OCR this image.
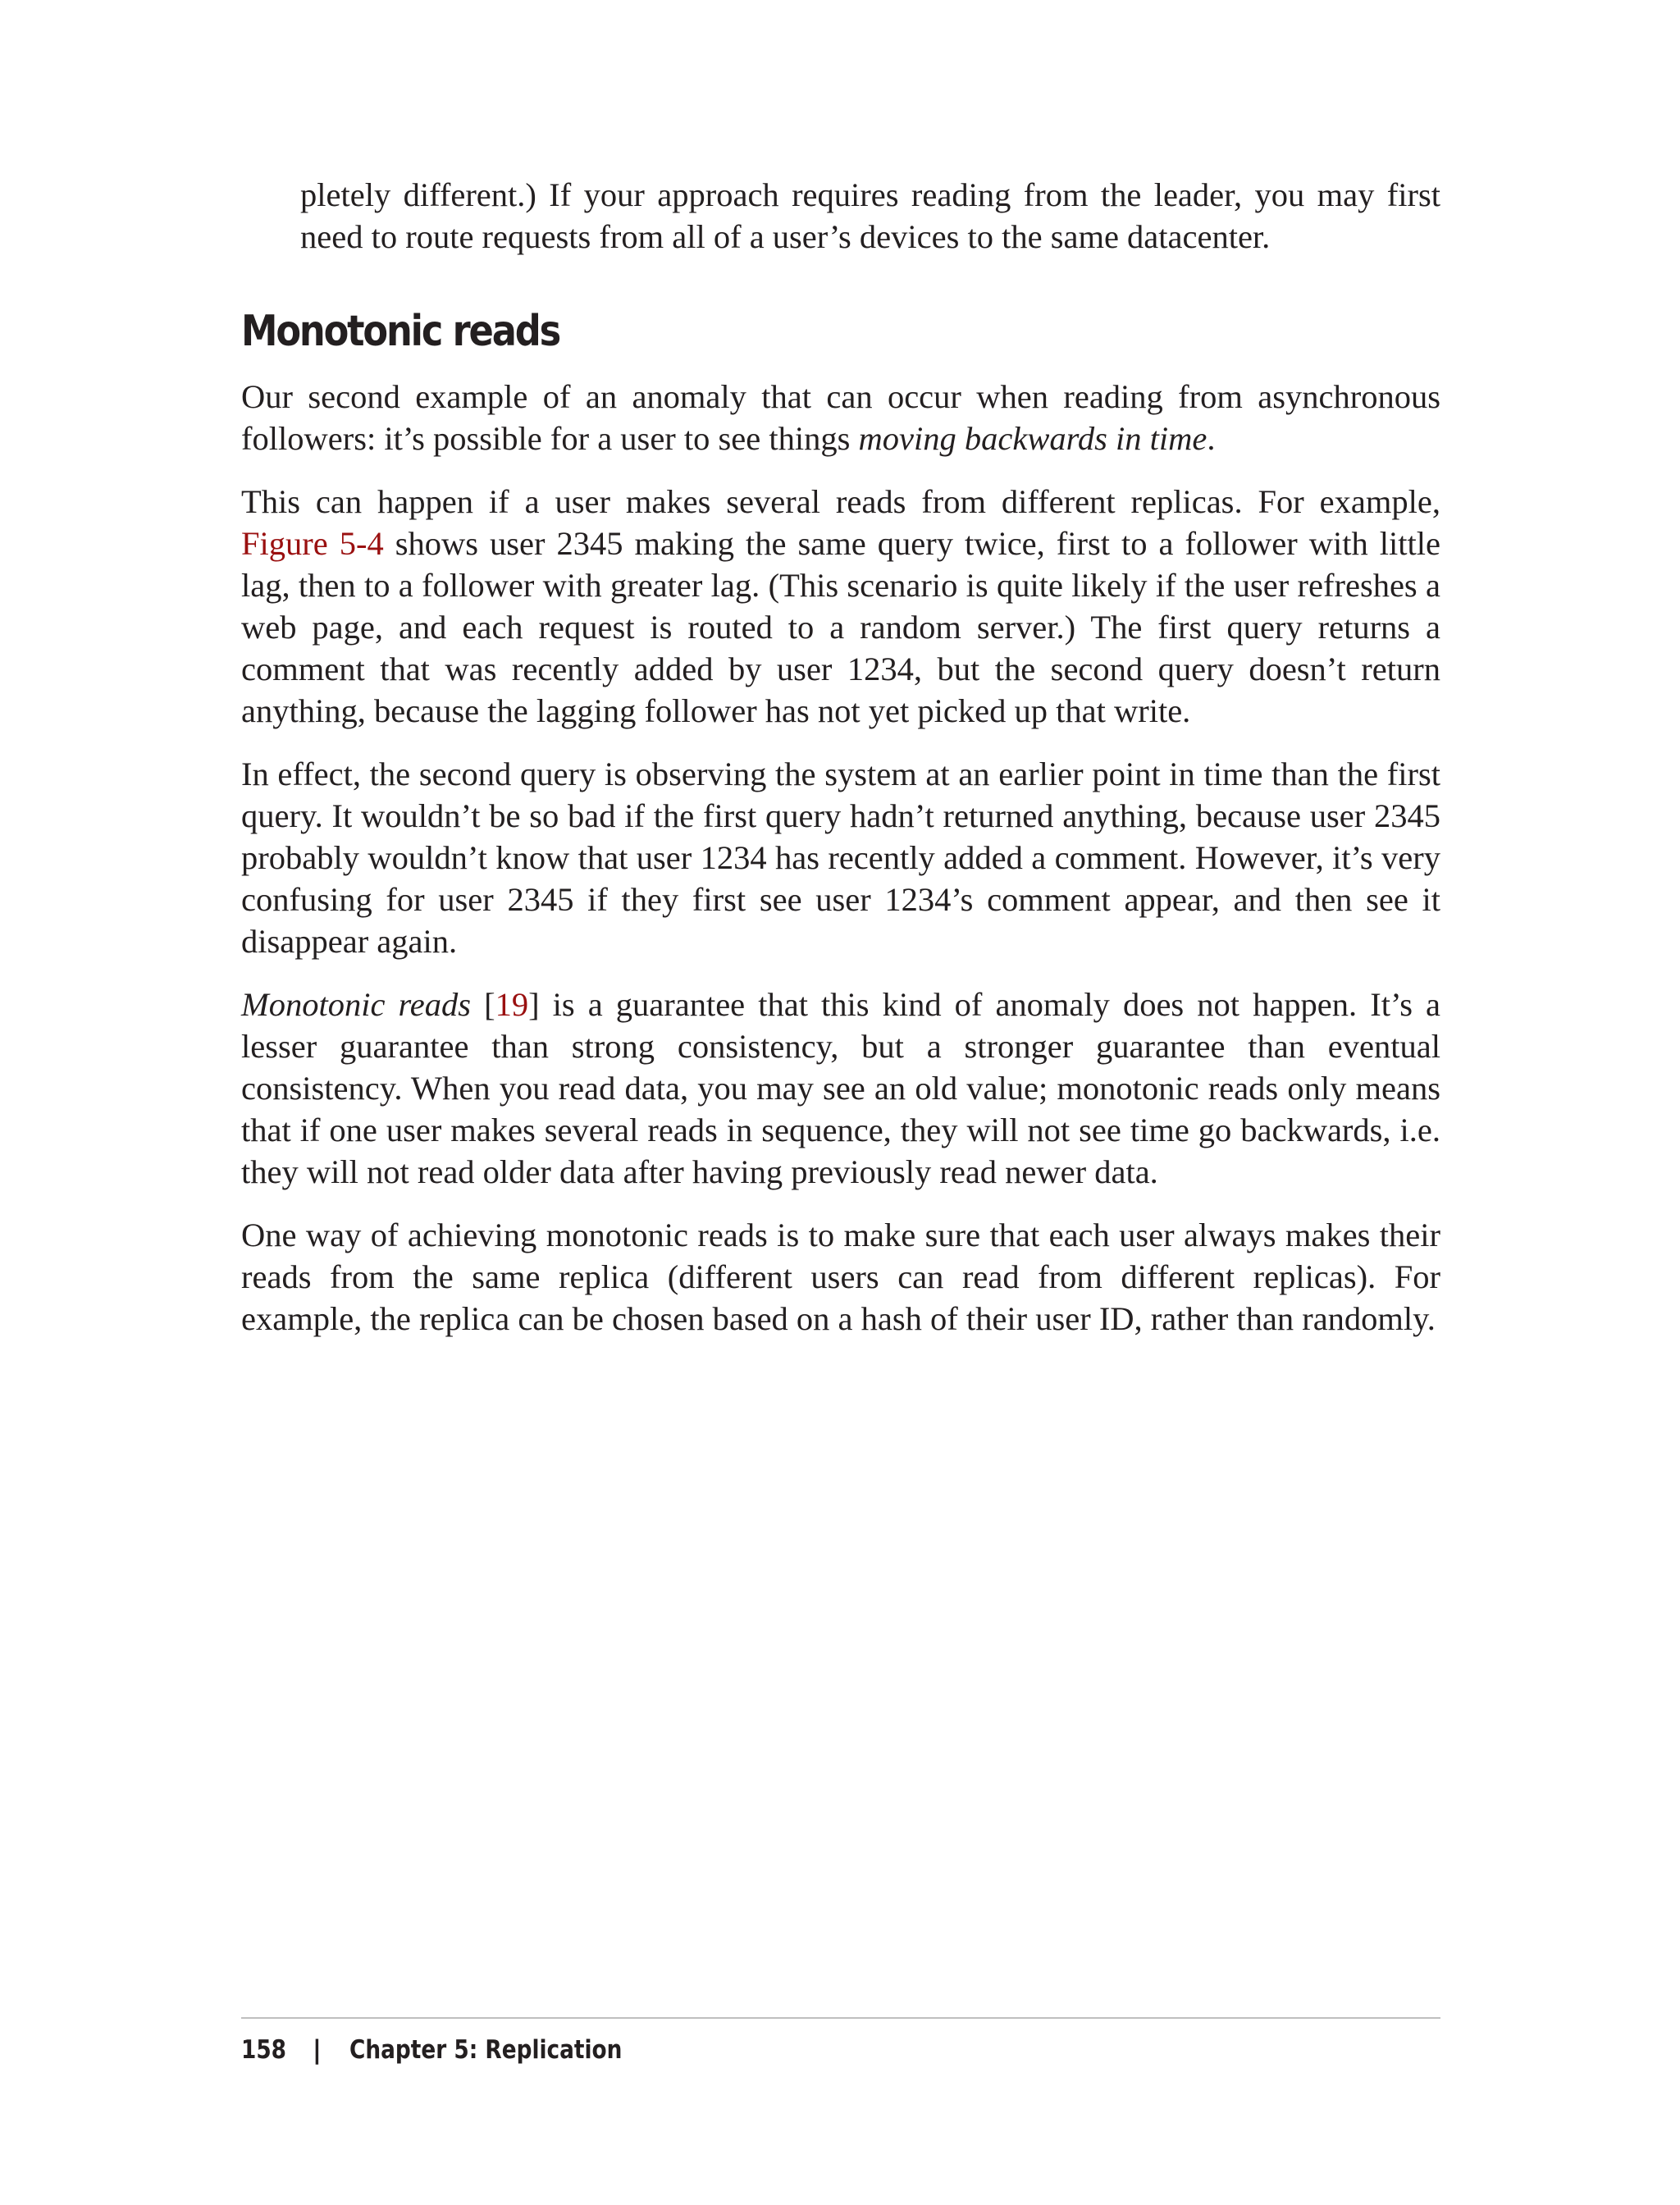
pletely different.) If your approach requires reading from the leader, you may first need to route requests from all of a user’s devices to the same datacenter.

Monotonic reads

Our second example of an anomaly that can occur when reading from asynchronous followers: it’s possible for a user to see things moving backwards in time.

This can happen if a user makes several reads from different replicas. For example, Figure 5-4 shows user 2345 making the same query twice, first to a follower with little lag, then to a follower with greater lag. (This scenario is quite likely if the user refreshes a web page, and each request is routed to a random server.) The first query returns a comment that was recently added by user 1234, but the second query doesn’t return anything, because the lagging follower has not yet picked up that write.

In effect, the second query is observing the system at an earlier point in time than the first query. It wouldn’t be so bad if the first query hadn’t returned anything, because user 2345 probably wouldn’t know that user 1234 has recently added a comment. However, it’s very confusing for user 2345 if they first see user 1234’s comment appear, and then see it disappear again.

Monotonic reads [19] is a guarantee that this kind of anomaly does not happen. It’s a lesser guarantee than strong consistency, but a stronger guarantee than eventual consistency. When you read data, you may see an old value; monotonic reads only means that if one user makes several reads in sequence, they will not see time go backwards, i.e. they will not read older data after having previously read newer data.

One way of achieving monotonic reads is to make sure that each user always makes their reads from the same replica (different users can read from different replicas). For example, the replica can be chosen based on a hash of their user ID, rather than randomly.

158 | Chapter 5: Replication
